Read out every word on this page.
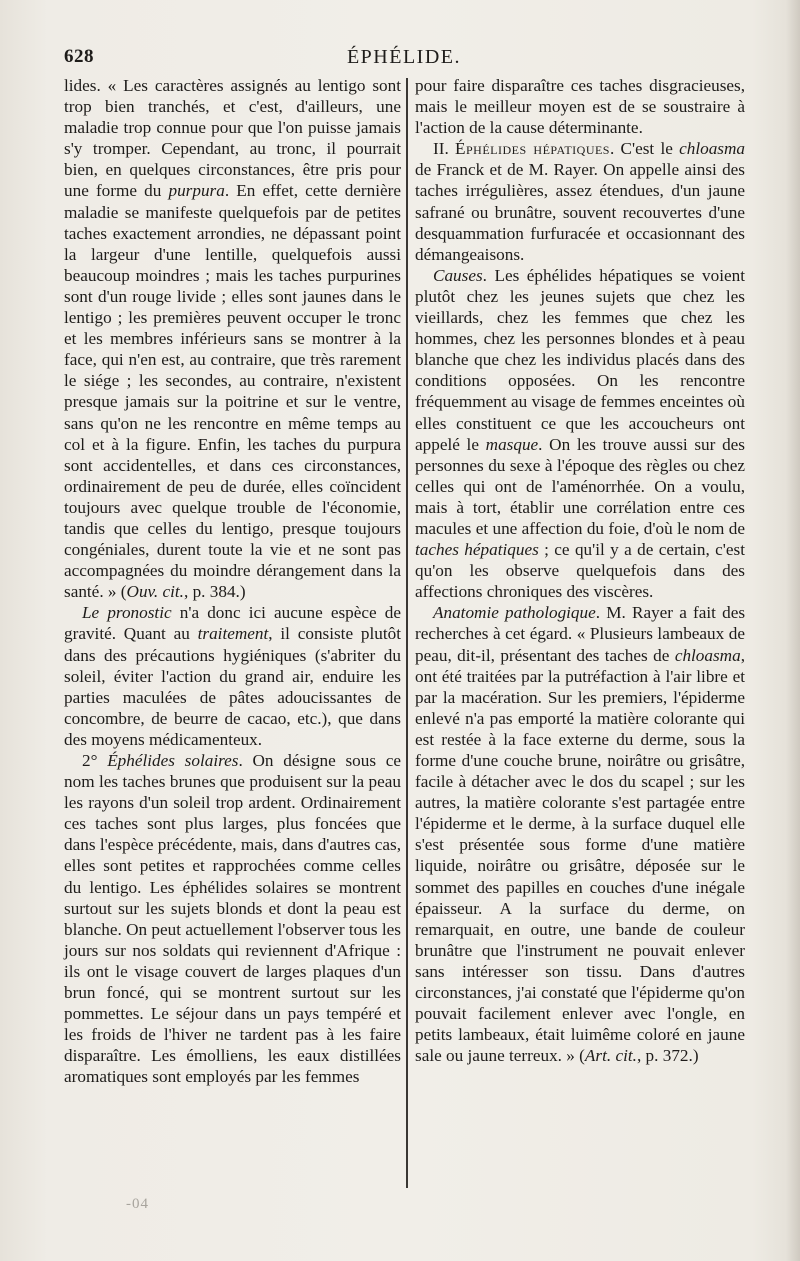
628	ÉPHÉLIDE.

lides. « Les caractères assignés au lentigo sont trop bien tranchés, et c'est, d'ailleurs, une maladie trop connue pour que l'on puisse jamais s'y tromper. Cependant, au tronc, il pourrait bien, en quelques circonstances, être pris pour une forme du purpura. En effet, cette dernière maladie se manifeste quelquefois par de petites taches exactement arrondies, ne dépassant point la largeur d'une lentille, quelquefois aussi beaucoup moindres ; mais les taches purpurines sont d'un rouge livide ; elles sont jaunes dans le lentigo ; les premières peuvent occuper le tronc et les membres inférieurs sans se montrer à la face, qui n'en est, au contraire, que très rarement le siége ; les secondes, au contraire, n'existent presque jamais sur la poitrine et sur le ventre, sans qu'on ne les rencontre en même temps au col et à la figure. Enfin, les taches du purpura sont accidentelles, et dans ces circonstances, ordinairement de peu de durée, elles coïncident toujours avec quelque trouble de l'économie, tandis que celles du lentigo, presque toujours congéniales, durent toute la vie et ne sont pas accompagnées du moindre dérangement dans la santé. » (Ouv. cit., p. 384.)

Le pronostic n'a donc ici aucune espèce de gravité. Quant au traitement, il consiste plutôt dans des précautions hygiéniques (s'abriter du soleil, éviter l'action du grand air, enduire les parties maculées de pâtes adoucissantes de concombre, de beurre de cacao, etc.), que dans des moyens médicamenteux.

2° Éphélides solaires. On désigne sous ce nom les taches brunes que produisent sur la peau les rayons d'un soleil trop ardent. Ordinairement ces taches sont plus larges, plus foncées que dans l'espèce précédente, mais, dans d'autres cas, elles sont petites et rapprochées comme celles du lentigo. Les éphélides solaires se montrent surtout sur les sujets blonds et dont la peau est blanche. On peut actuellement l'observer tous les jours sur nos soldats qui reviennent d'Afrique : ils ont le visage couvert de larges plaques d'un brun foncé, qui se montrent surtout sur les pommettes. Le séjour dans un pays tempéré et les froids de l'hiver ne tardent pas à les faire disparaître. Les émolliens, les eaux distillées aromatiques sont employés par les femmes

pour faire disparaître ces taches disgracieuses, mais le meilleur moyen est de se soustraire à l'action de la cause déterminante.

II. Éphélides hépatiques. C'est le chloasma de Franck et de M. Rayer. On appelle ainsi des taches irrégulières, assez étendues, d'un jaune safrané ou brunâtre, souvent recouvertes d'une desquammation furfuracée et occasionnant des démangeaisons.

Causes. Les éphélides hépatiques se voient plutôt chez les jeunes sujets que chez les vieillards, chez les femmes que chez les hommes, chez les personnes blondes et à peau blanche que chez les individus placés dans des conditions opposées. On les rencontre fréquemment au visage de femmes enceintes où elles constituent ce que les accoucheurs ont appelé le masque. On les trouve aussi sur des personnes du sexe à l'époque des règles ou chez celles qui ont de l'aménorrhée. On a voulu, mais à tort, établir une corrélation entre ces macules et une affection du foie, d'où le nom de taches hépatiques ; ce qu'il y a de certain, c'est qu'on les observe quelquefois dans des affections chroniques des viscères.

Anatomie pathologique. M. Rayer a fait des recherches à cet égard. « Plusieurs lambeaux de peau, dit-il, présentant des taches de chloasma, ont été traitées par la putréfaction à l'air libre et par la macération. Sur les premiers, l'épiderme enlevé n'a pas emporté la matière colorante qui est restée à la face externe du derme, sous la forme d'une couche brune, noirâtre ou grisâtre, facile à détacher avec le dos du scapel ; sur les autres, la matière colorante s'est partagée entre l'épiderme et le derme, à la surface duquel elle s'est présentée sous forme d'une matière liquide, noirâtre ou grisâtre, déposée sur le sommet des papilles en couches d'une inégale épaisseur. A la surface du derme, on remarquait, en outre, une bande de couleur brunâtre que l'instrument ne pouvait enlever sans intéresser son tissu. Dans d'autres circonstances, j'ai constaté que l'épiderme qu'on pouvait facilement enlever avec l'ongle, en petits lambeaux, était luimême coloré en jaune sale ou jaune terreux. » (Art. cit., p. 372.)

-04
